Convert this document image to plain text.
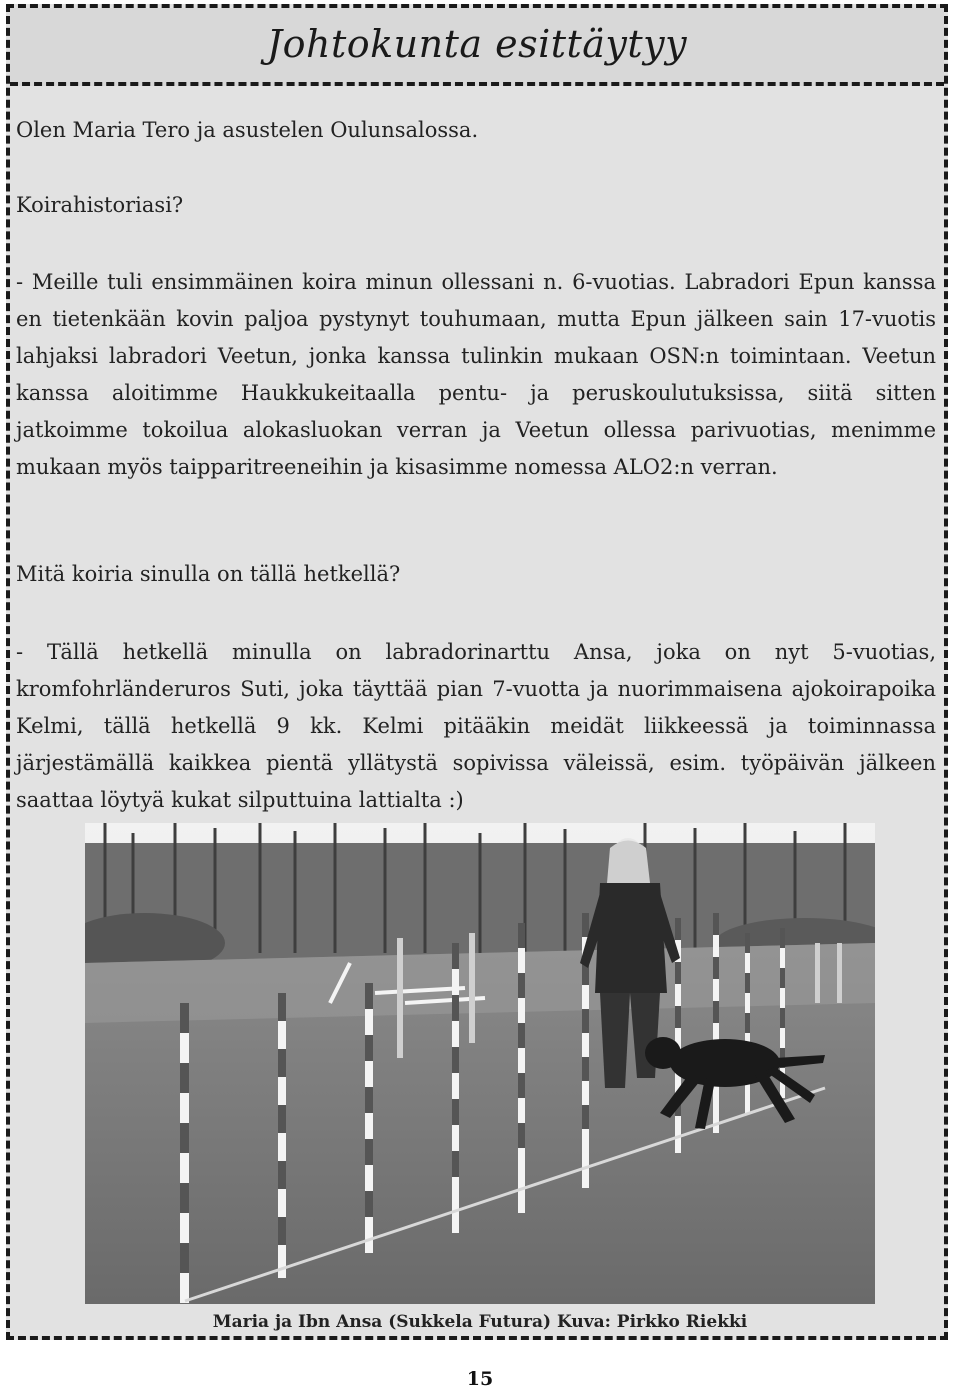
Johtokunta esittäytyy
Olen Maria Tero ja asustelen Oulunsalossa.
Koirahistoriasi?
- Meille tuli ensimmäinen koira minun ollessani n. 6-vuotias. Labradori Epun kanssa en tietenkään kovin paljoa pystynyt touhumaan, mutta Epun jälkeen sain 17-vuotis lahjaksi labradori Veetun, jonka kanssa tulinkin mukaan OSN:n toimintaan. Veetun kanssa aloitimme Haukkukeitaalla pentu- ja peruskoulutuksissa, siitä sitten jatkoimme tokoilua alokasluokan verran ja Veetun ollessa parivuotias, menimme mukaan myös taipparitreeneihin ja kisasimme nomessa ALO2:n verran.
Mitä koiria sinulla on tällä hetkellä?
- Tällä hetkellä minulla on labradorinarttu Ansa, joka on nyt 5-vuotias, kromfohrländeruros Suti, joka täyttää pian 7-vuotta ja nuorimmaisena ajokoirapoika Kelmi, tällä hetkellä 9 kk. Kelmi pitääkin meidät liikkeessä ja toiminnassa järjestämällä kaikkea pientä yllätystä sopivissa väleissä, esim. työpäivän jälkeen saattaa löytyä kukat silputtuina lattialta :)
Maria ja Ibn Ansa (Sukkela Futura) Kuva: Pirkko Riekki
15
